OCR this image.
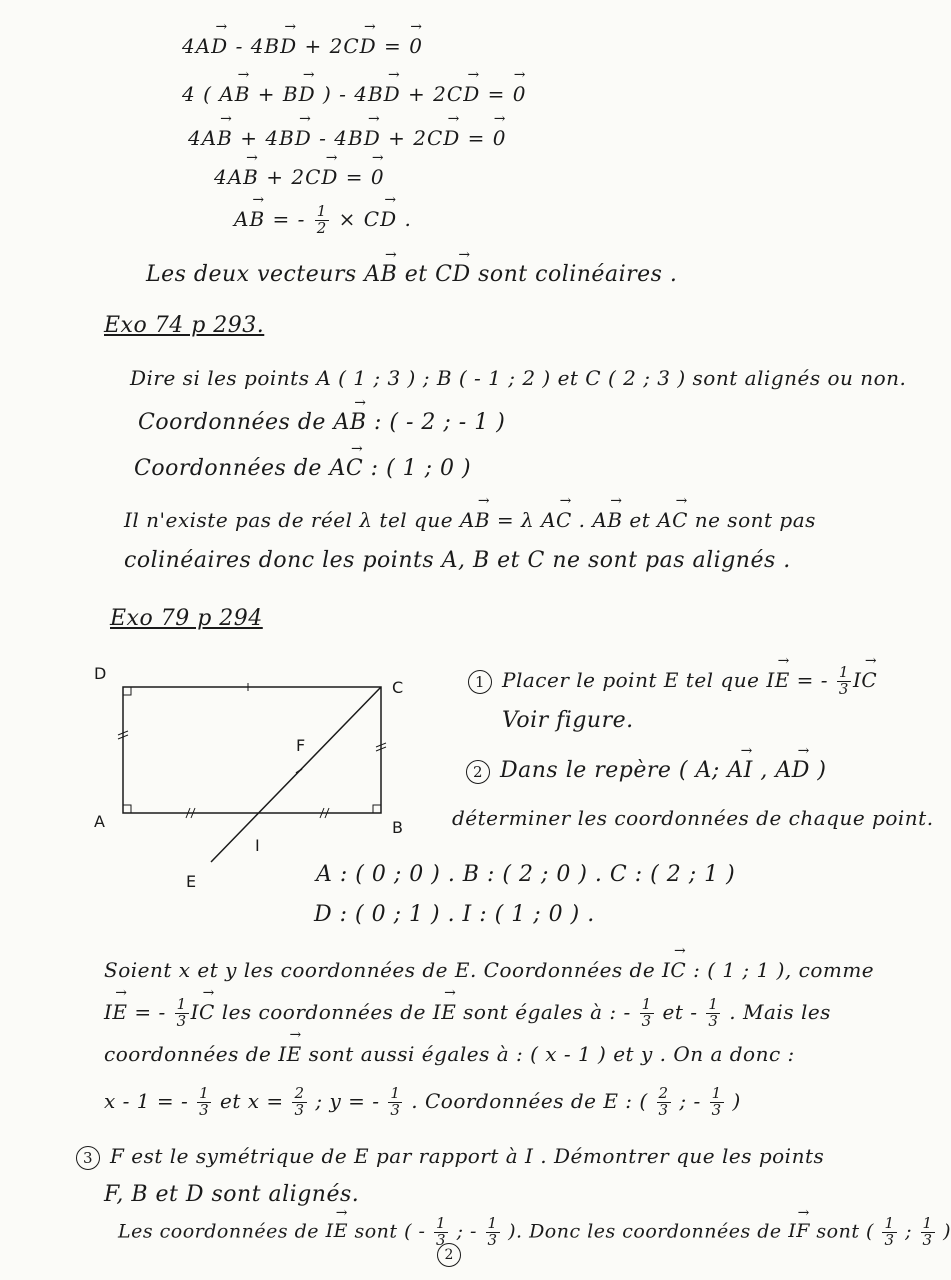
4→ AD - 4→ BD + 2→ CD = → 0
4 ( → AB + → BD ) - 4→ BD + 2→ CD = → 0
4→ AB + 4→ BD - 4→ BD + 2→ CD = → 0
4→ AB + 2→ CD = → 0
→ AB = - $\frac{1}{2}$ × → CD .
Les deux vecteurs → AB et → CD sont colinéaires .
Exo 74 p 293.
Dire si les points A ( 1 ; 3 ) ; B ( - 1 ; 2 ) et C ( 2 ; 3 ) sont alignés ou non.
Coordonnées de → AB : ( - 2 ; - 1 )
Coordonnées de → AC : ( 1 ; 0 )
Il n'existe pas de réel λ tel que → AB = λ → AC . → AB et → AC ne sont pas
colinéaires donc les points A, B et C ne sont pas alignés .
Exo 79 p 294
D
C
A	B
F
I
E
1 Placer le point E tel que → IE = - $\frac{1}{3}$ → IC
Voir figure.
2 Dans le repère ( A; → AI , → AD )
déterminer les coordonnées de chaque point.
A : ( 0 ; 0 ) . B : ( 2 ; 0 ) . C : ( 2 ; 1 )
D : ( 0 ; 1 ) . I : ( 1 ; 0 ) .
Soient x et y les coordonnées de E. Coordonnées de → IC : ( 1 ; 1 ), comme
→ IE = - $\frac{1}{3}$ → IC les coordonnées de → IE sont égales à : - $\frac{1}{3}$ et - $\frac{1}{3}$ . Mais les
coordonnées de → IE sont aussi égales à : ( x - 1 ) et y . On a donc :
x - 1 = - $\frac{1}{3}$ et $x = \frac{2}{3}$ ; y = - $\frac{1}{3}$ . Coordonnées de E : ( $\frac{2}{3}$ ; - $\frac{1}{3}$ )
3 F est le symétrique de E par rapport à I . Démontrer que les points
F, B et D sont alignés.
Les coordonnées de → IE sont ( - $\frac{1}{3}$ ; - $\frac{1}{3}$ ). Donc les coordonnées de → IF sont ( $\frac{1}{3}$ ; $\frac{1}{3}$ )
2
